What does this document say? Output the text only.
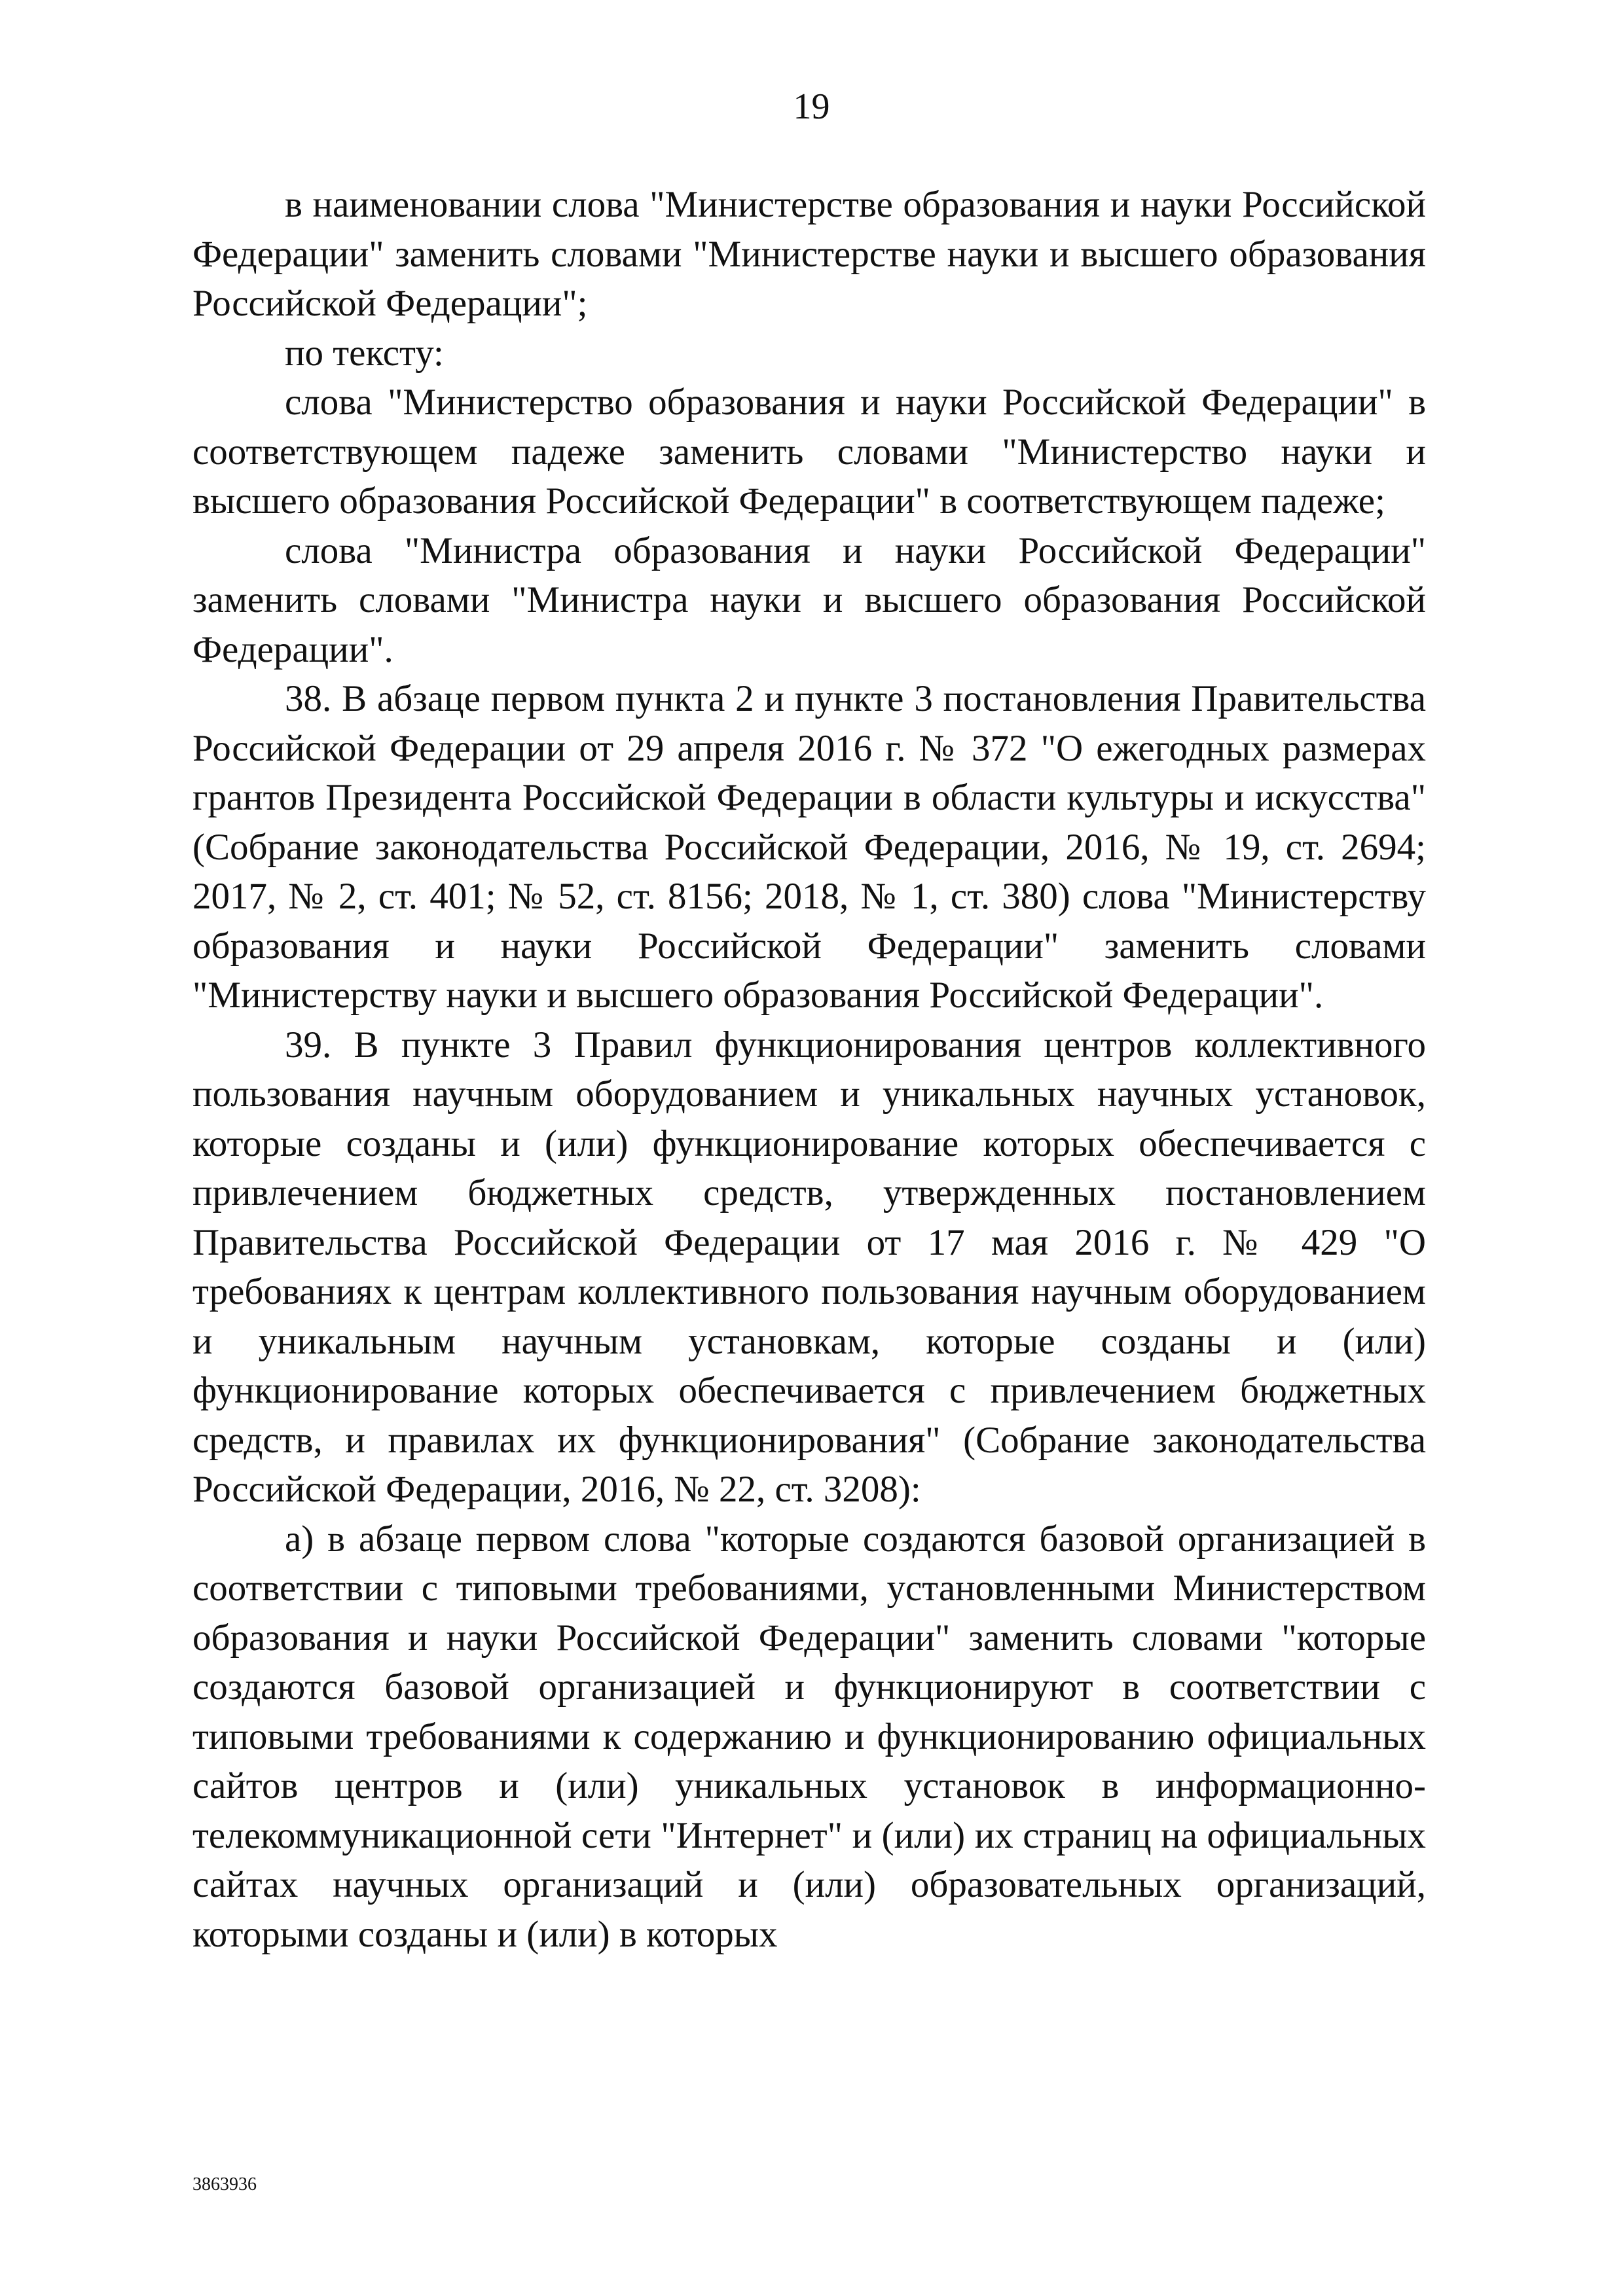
19

в наименовании слова "Министерстве образования и науки Российской Федерации" заменить словами "Министерстве науки и высшего образования Российской Федерации";

по тексту:

слова "Министерство образования и науки Российской Федерации" в соответствующем падеже заменить словами "Министерство науки и высшего образования Российской Федерации" в соответствующем падеже;

слова "Министра образования и науки Российской Федерации" заменить словами "Министра науки и высшего образования Российской Федерации".

38. В абзаце первом пункта 2 и пункте 3 постановления Правительства Российской Федерации от 29 апреля 2016 г. № 372 "О ежегодных размерах грантов Президента Российской Федерации в области культуры и искусства" (Собрание законодательства Российской Федерации, 2016, № 19, ст. 2694; 2017, № 2, ст. 401; № 52, ст. 8156; 2018, № 1, ст. 380) слова "Министерству образования и науки Российской Федерации" заменить словами "Министерству науки и высшего образования Российской Федерации".

39. В пункте 3 Правил функционирования центров коллективного пользования научным оборудованием и уникальных научных установок, которые созданы и (или) функционирование которых обеспечивается с привлечением бюджетных средств, утвержденных постановлением Правительства Российской Федерации от 17 мая 2016 г. № 429 "О требованиях к центрам коллективного пользования научным оборудованием и уникальным научным установкам, которые созданы и (или) функционирование которых обеспечивается с привлечением бюджетных средств, и правилах их функционирования" (Собрание законодательства Российской Федерации, 2016, № 22, ст. 3208):

а) в абзаце первом слова "которые создаются базовой организацией в соответствии с типовыми требованиями, установленными Министерством образования и науки Российской Федерации" заменить словами "которые создаются базовой организацией и функционируют в соответствии с типовыми требованиями к содержанию и функционированию официальных сайтов центров и (или) уникальных установок в информационно-телекоммуникационной сети "Интернет" и (или) их страниц на официальных сайтах научных организаций и (или) образовательных организаций, которыми созданы и (или) в которых

3863936
